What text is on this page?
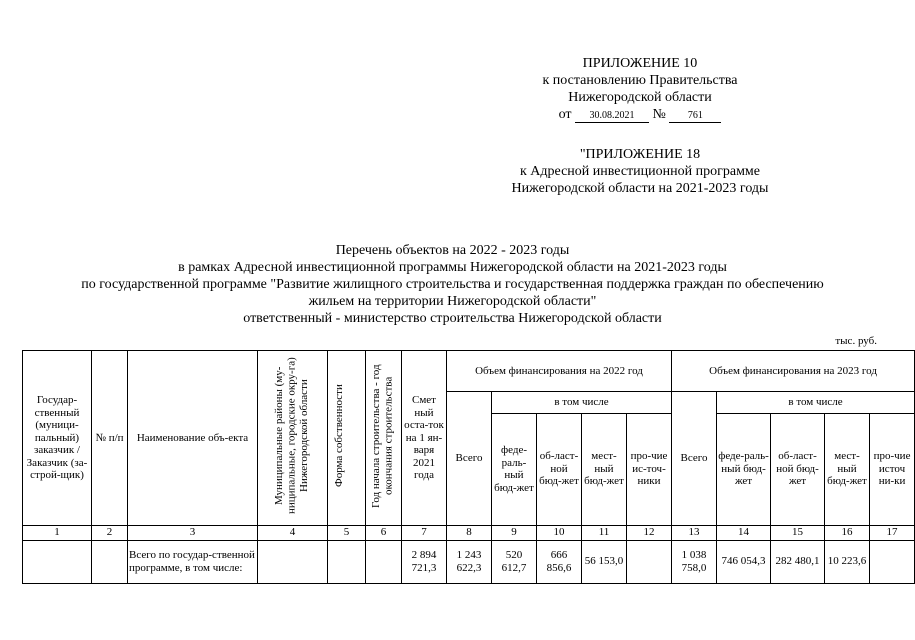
ПРИЛОЖЕНИЕ 10
к постановлению Правительства
Нижегородской области
от 30.08.2021 № 761
"ПРИЛОЖЕНИЕ 18
к Адресной инвестиционной программе
Нижегородской области на 2021-2023 годы
Перечень объектов на 2022 - 2023 годы
в рамках Адресной инвестиционной программы Нижегородской области на 2021-2023 годы
по государственной программе "Развитие жилищного строительства и государственная поддержка граждан по обеспечению
жильем на территории Нижегородской области"
ответственный - министерство строительства Нижегородской области
тыс. руб.
Государ-ственный (муници-пальный) заказчик / Заказчик (за-строй-щик)	№ п/п	Наименование объ-екта	Муниципальные районы (му-ниципальные, городские окру-га) Нижегородской области	Форма собственности	Год начала строительства - год окончания строительства	Смет ный оста-ток на 1 ян-варя 2021 года	Объем финансирования на 2022 год					Объем финансирования на 2023 год				
							Всего	в том числе				Всего	в том числе			
								феде-раль-ный бюд-жет	об-ласт-ной бюд-жет	мест-ный бюд-жет	про-чие ис-точ-ники		феде-раль-ный бюд-жет	об-ласт-ной бюд-жет	мест-ный бюд-жет	про-чие источ ни-ки
1	2	3	4	5	6	7	8	9	10	11	12	13	14	15	16	17
		Всего по государ-ственной программе, в том числе:				2 894 721,3	1 243 622,3	520 612,7	666 856,6	56 153,0		1 038 758,0	746 054,3	282 480,1	10 223,6	
